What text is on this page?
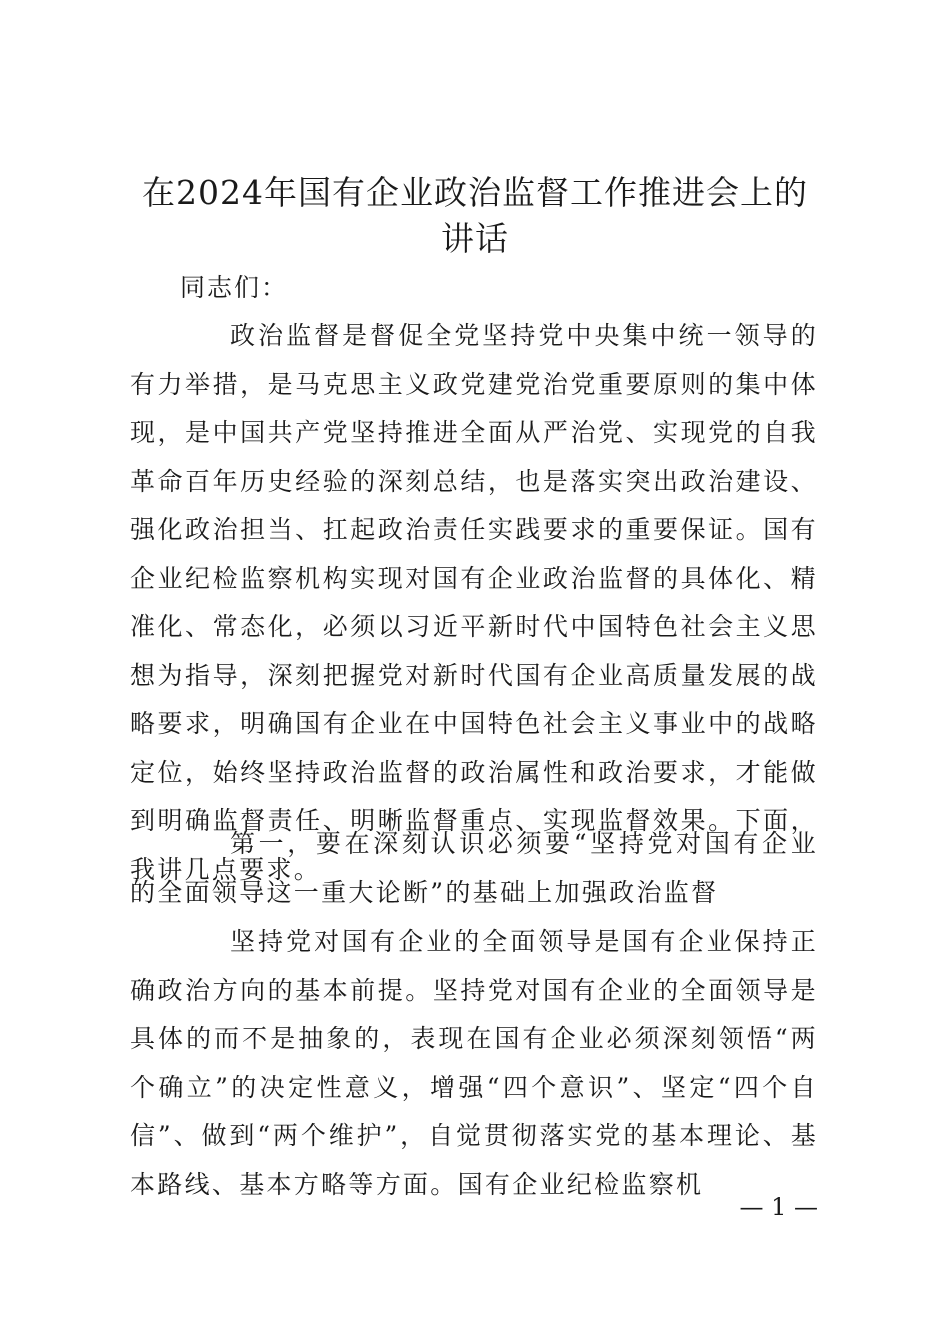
在2024年国有企业政治监督工作推进会上的
讲话

同志们：

政治监督是督促全党坚持党中央集中统一领导的有力举措，是马克思主义政党建党治党重要原则的集中体现，是中国共产党坚持推进全面从严治党、实现党的自我革命百年历史经验的深刻总结，也是落实突出政治建设、强化政治担当、扛起政治责任实践要求的重要保证。国有企业纪检监察机构实现对国有企业政治监督的具体化、精准化、常态化，必须以习近平新时代中国特色社会主义思想为指导，深刻把握党对新时代国有企业高质量发展的战略要求，明确国有企业在中国特色社会主义事业中的战略定位，始终坚持政治监督的政治属性和政治要求，才能做到明确监督责任、明晰监督重点、实现监督效果。下面，我讲几点要求。

第一，要在深刻认识必须要“坚持党对国有企业的全面领导这一重大论断”的基础上加强政治监督

坚持党对国有企业的全面领导是国有企业保持正确政治方向的基本前提。坚持党对国有企业的全面领导是具体的而不是抽象的，表现在国有企业必须深刻领悟“两个确立”的决定性意义，增强“四个意识”、坚定“四个自信”、做到“两个维护”，自觉贯彻落实党的基本理论、基本路线、基本方略等方面。国有企业纪检监察机

— 1 —
